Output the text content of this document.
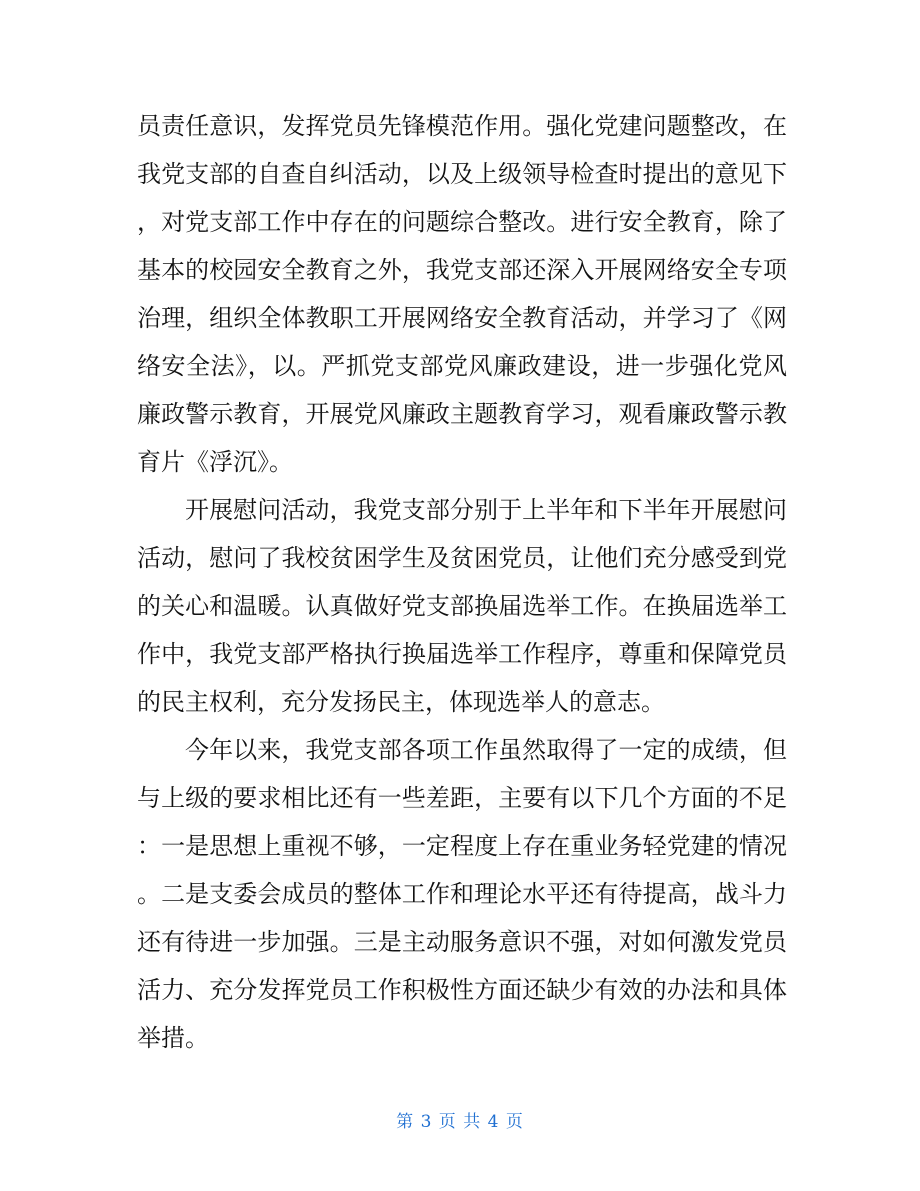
员责任意识，发挥党员先锋模范作用。强化党建问题整改，在
我党支部的自查自纠活动，以及上级领导检查时提出的意见下
，对党支部工作中存在的问题综合整改。进行安全教育，除了
基本的校园安全教育之外，我党支部还深入开展网络安全专项
治理，组织全体教职工开展网络安全教育活动，并学习了《网
络安全法》，以。严抓党支部党风廉政建设，进一步强化党风
廉政警示教育，开展党风廉政主题教育学习，观看廉政警示教
育片《浮沉》。
开展慰问活动，我党支部分别于上半年和下半年开展慰问
活动，慰问了我校贫困学生及贫困党员，让他们充分感受到党
的关心和温暖。认真做好党支部换届选举工作。在换届选举工
作中，我党支部严格执行换届选举工作程序，尊重和保障党员
的民主权利，充分发扬民主，体现选举人的意志。
今年以来，我党支部各项工作虽然取得了一定的成绩，但
与上级的要求相比还有一些差距，主要有以下几个方面的不足
：一是思想上重视不够，一定程度上存在重业务轻党建的情况
。二是支委会成员的整体工作和理论水平还有待提高，战斗力
还有待进一步加强。三是主动服务意识不强，对如何激发党员
活力、充分发挥党员工作积极性方面还缺少有效的办法和具体
举措。
第 3 页 共 4 页
